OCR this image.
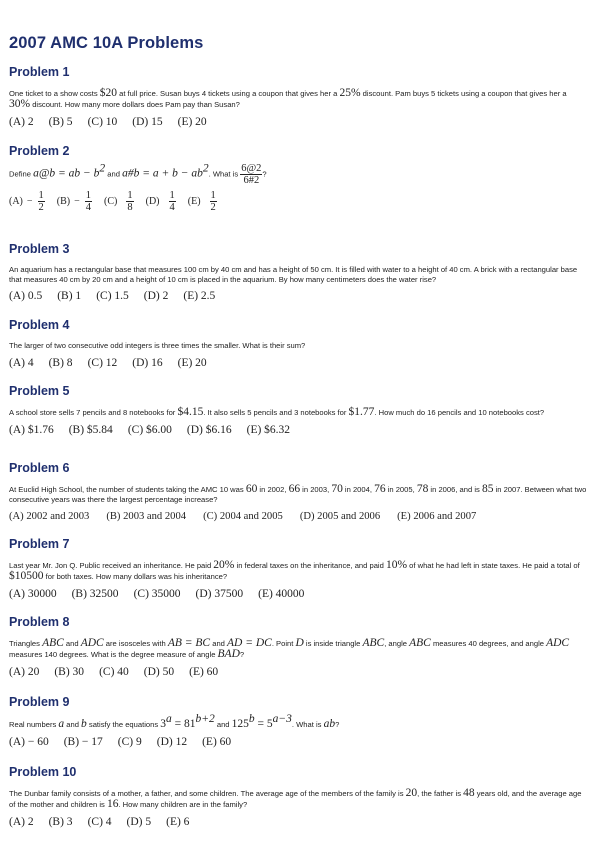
2007 AMC 10A Problems
Problem 1
One ticket to a show costs $20 at full price. Susan buys 4 tickets using a coupon that gives her a 25% discount. Pam buys 5 tickets using a coupon that gives her a 30% discount. How many more dollars does Pam pay than Susan?
(A) 2 (B) 5 (C) 10 (D) 15 (E) 20
Problem 2
Define a@b = ab − $b^2$ and a#b = $a + b - ab^2$. What is $\frac{6@2}{6\#2}$ ?
$(A) - \frac{1}{2} (B) - \frac{1}{4} (C) \frac{1}{8} (D) \frac{1}{4} (E) \frac{1}{2}$
Problem 3
An aquarium has a rectangular base that measures 100 cm by 40 cm and has a height of 50 cm. It is filled with water to a height of 40 cm. A brick with a rectangular base that measures 40 cm by 20 cm and a height of 10 cm is placed in the aquarium. By how many centimeters does the water rise?
(A) 0.5 (B) 1 (C) 1.5 (D) 2 (E) 2.5
Problem 4
The larger of two consecutive odd integers is three times the smaller. What is their sum?
(A) 4 (B) 8 (C) 12 (D) 16 (E) 20
Problem 5
A school store sells 7 pencils and 8 notebooks for $4.15. It also sells 5 pencils and 3 notebooks for $1.77. How much do 16 pencils and 10 notebooks cost?
(A) $1.76 (B) $5.84 (C) $6.00 (D) $6.16 (E) $6.32
Problem 6
At Euclid High School, the number of students taking the AMC 10 was 60 in 2002, 66 in 2003, 70 in 2004, 76 in 2005, 78 in 2006, and is 85 in 2007. Between what two consecutive years was there the largest percentage increase?
(A) 2002 and 2003 (B) 2003 and 2004 (C) 2004 and 2005 (D) 2005 and 2006 (E) 2006 and 2007
Problem 7
Last year Mr. Jon Q. Public received an inheritance. He paid 20% in federal taxes on the inheritance, and paid 10% of what he had left in state taxes. He paid a total of $10500 for both taxes. How many dollars was his inheritance?
(A) 30000 (B) 32500 (C) 35000 (D) 37500 (E) 40000
Problem 8
Triangles ABC and ADC are isosceles with AB = BC and AD = DC. Point D is inside triangle ABC, angle ABC measures 40 degrees, and angle ADC measures 140 degrees. What is the degree measure of angle BAD?
(A) 20 (B) 30 (C) 40 (D) 50 (E) 60
Problem 9
Real numbers a and b satisfy the equations $3^a = 81^{b+2}$ and $125^b = 5^{a-3}$. What is ab?
(A) − 60 (B) − 17 (C) 9 (D) 12 (E) 60
Problem 10
The Dunbar family consists of a mother, a father, and some children. The average age of the members of the family is 20, the father is 48 years old, and the average age of the mother and children is 16. How many children are in the family?
(A) 2 (B) 3 (C) 4 (D) 5 (E) 6
